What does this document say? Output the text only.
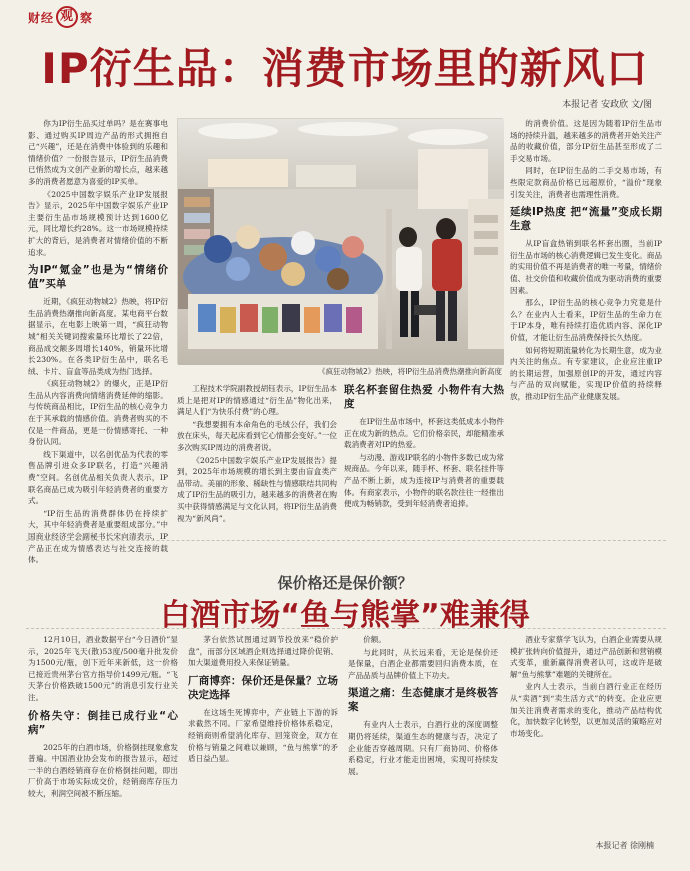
财经 观 察
IP衍生品：消费市场里的新风口
本报记者 安政欣 文/图

你为IP衍生品买过单吗？是在赛事电影、通过购买IP周边产品的形式拥抱自己“兴趣”，还是在消费中体验到的乐趣和情绪价值？一份报告显示，IP衍生品消费已悄然成为文创产业新的增长点，越来越多的消费者愿意为喜爱的IP买单。

《2025中国数字娱乐产业IP发展报告》显示，2025年中国数字娱乐产业IP主要衍生品市场规模预计达到1600亿元，同比增长约28%。这一市场规模持续扩大的背后，是消费者对情绪价值的不断追求。

为IP“氪金”也是为“情绪价值”买单

近期，《疯狂动物城2》热映，将IP衍生品消费热潮推向新高度。某电商平台数据显示，在电影上映第一周，“疯狂动物城”相关关键词搜索量环比增长了22倍，商品成交额多周增长140%，销量环比增长230%。在各类IP衍生品中，联名毛绒、卡片、盲盒等品类成为热门选择。

《疯狂动物城2》的爆火，正是IP衍生品从内容消费向情绪消费延伸的缩影。与传统商品相比，IP衍生品的核心竞争力在于其承载的情感价值。消费者购买的不仅是一件商品，更是一份情感寄托、一种身份认同。

线下渠道中，以名创优品为代表的零售品牌引进众多IP联名，打造“兴趣消费”空间。名创优品相关负责人表示，IP联名商品已成为吸引年轻消费者的重要方式。

“IP衍生品的消费群体仍在持续扩大，其中年轻消费者是重要组成部分。”中国商业经济学会副秘书长宋向清表示，IP产品正在成为情感表达与社交连接的载体。

《疯狂动物城2》热映，将IP衍生品消费热潮推向新高度

工程技术学院副教授胡钰表示，IP衍生品本质上是把对IP的情感通过“衍生品”物化出来，满足人们“为快乐付费”的心理。

“我想要拥有本命角色的毛绒公仔，我们会放在床头，每天起床看到它心情都会变好。”一位多次购买IP周边的消费者说。

《2025中国数字娱乐产业IP发展报告》提到，2025年市场规模的增长到主要由盲盒类产品带动。美丽的形象、稀缺性与情感联结共同构成了IP衍生品的吸引力，越来越多的消费者在购买中获得情感满足与文化认同，将IP衍生品消费视为“新风尚”。

联名杯套留住热爱 小物件有大热度

在IP衍生品市场中，杯套这类低成本小物件正在成为新的热点。它们价格亲民，却能精准承载消费者对IP的热爱。

与动漫、游戏IP联名的小物件多数已成为常规商品。今年以来，随手杯、杯套、联名挂件等产品不断上新，成为连接IP与消费者的重要载体。有商家表示，小物件的联名款往往一经推出便成为畅销款，受到年轻消费者追捧。

的消费价值。这是因为随着IP衍生品市场的持续升温，越来越多的消费者开始关注产品的收藏价值，部分IP衍生品甚至形成了二手交易市场。

同时，在IP衍生品的二手交易市场，有些限定款商品价格已远超原价，“溢价”现象引发关注，消费者也需理性消费。

延续IP热度 把“流量”变成长期生意

从IP盲盒热销到联名杯套出圈，当前IP衍生品市场的核心消费逻辑已发生变化。商品的实用价值不再是消费者的唯一考量，情绪价值、社交价值和收藏价值成为驱动消费的重要因素。

那么，IP衍生品的核心竞争力究竟是什么？在业内人士看来，IP衍生品的生命力在于IP本身，唯有持续打造优质内容、深化IP价值，才能让衍生品消费保持长久热度。

如何将短期流量转化为长期生意，成为业内关注的焦点。有专家建议，企业应注重IP的长期运营，加强原创IP的开发，通过内容与产品的双向赋能，实现IP价值的持续释放，推动IP衍生品产业健康发展。

保价格还是保价额？
白酒市场“鱼与熊掌”难兼得

12月10日，酒业数据平台“今日酒价”显示，2025年飞天(散)53度/500毫升批发价为1500元/瓶，创下近年来新低，这一价格已接近贵州茅台官方指导价1499元/瓶。“飞天茅台价格跌破1500元”的消息引发行业关注。

价格失守：倒挂已成行业“心病”

2025年的白酒市场，价格倒挂现象愈发普遍。中国酒业协会发布的报告显示，超过一半的白酒经销商存在价格倒挂问题，即出厂价高于市场实际成交价，经销商库存压力较大，利润空间被不断压缩。

茅台依然试图通过调节投放来“稳价护盘”，而部分区域酒企则选择通过降价促销、加大渠道费用投入来保证销量。

厂商博弈：保价还是保量？立场决定选择

在这场生死博弈中，产业链上下游的诉求截然不同。厂家希望维持价格体系稳定，经销商则希望消化库存、回笼资金，双方在价格与销量之间难以兼顾，“鱼与熊掌”的矛盾日益凸显。

价额。

与此同时，从长远来看，无论是保价还是保量，白酒企业都需要回归消费本质，在产品品质与品牌价值上下功夫。

渠道之痛：生态健康才是终极答案

有业内人士表示，白酒行业的深度调整期仍将延续，渠道生态的健康与否，决定了企业能否穿越周期。只有厂商协同、价格体系稳定，行业才能走出困境，实现可持续发展。

酒业专家蔡学飞认为，白酒企业需要从规模扩张转向价值提升，通过产品创新和营销模式变革，重新赢得消费者认可，这或许是破解“鱼与熊掌”难题的关键所在。

业内人士表示，当前白酒行业正在经历从“卖酒”到“卖生活方式”的转变。企业应更加关注消费者需求的变化，推动产品结构优化，加快数字化转型，以更加灵活的策略应对市场变化。

本报记者 徐刚楠
